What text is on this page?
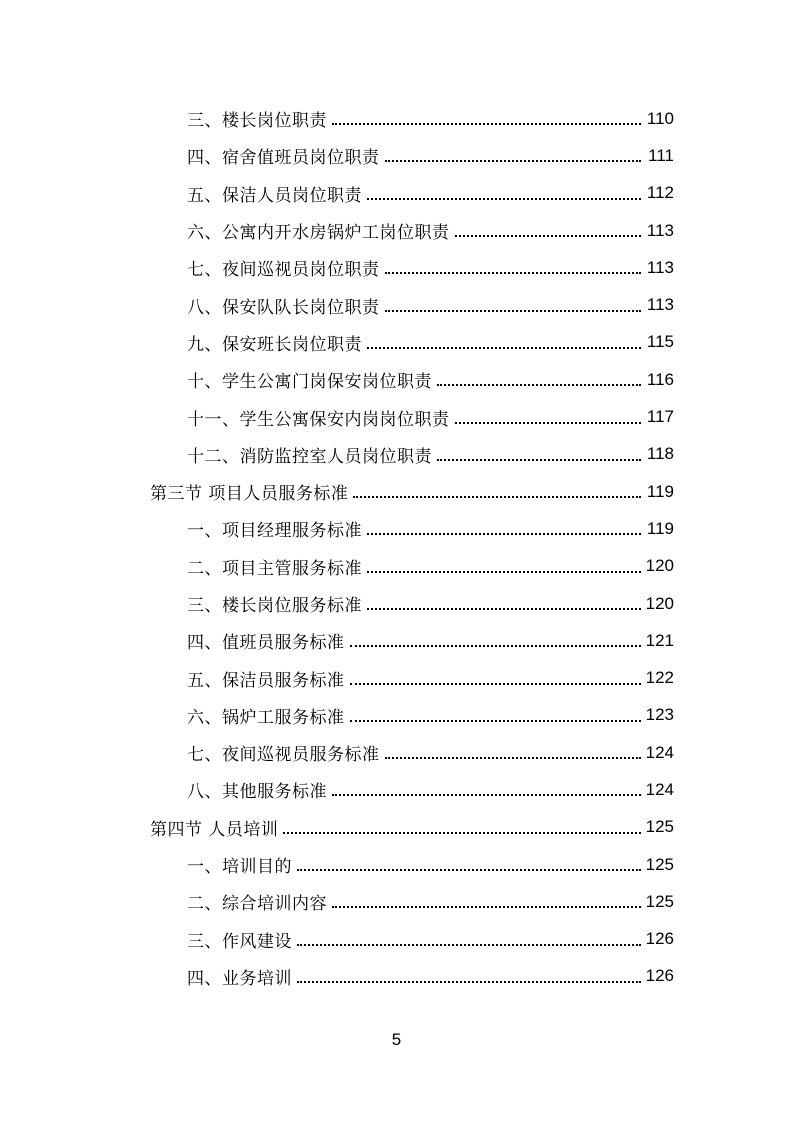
三、楼长岗位职责	110
四、宿舍值班员岗位职责	111
五、保洁人员岗位职责	112
六、公寓内开水房锅炉工岗位职责	113
七、夜间巡视员岗位职责	113
八、保安队队长岗位职责	113
九、保安班长岗位职责	115
十、学生公寓门岗保安岗位职责	116
十一、学生公寓保安内岗岗位职责	117
十二、消防监控室人员岗位职责	118
第三节 项目人员服务标准	119
一、项目经理服务标准	119
二、项目主管服务标准	120
三、楼长岗位服务标准	120
四、值班员服务标准	121
五、保洁员服务标准	122
六、锅炉工服务标准	123
七、夜间巡视员服务标准	124
八、其他服务标准	124
第四节 人员培训	125
一、培训目的	125
二、综合培训内容	125
三、作风建设	126
四、业务培训	126
5
